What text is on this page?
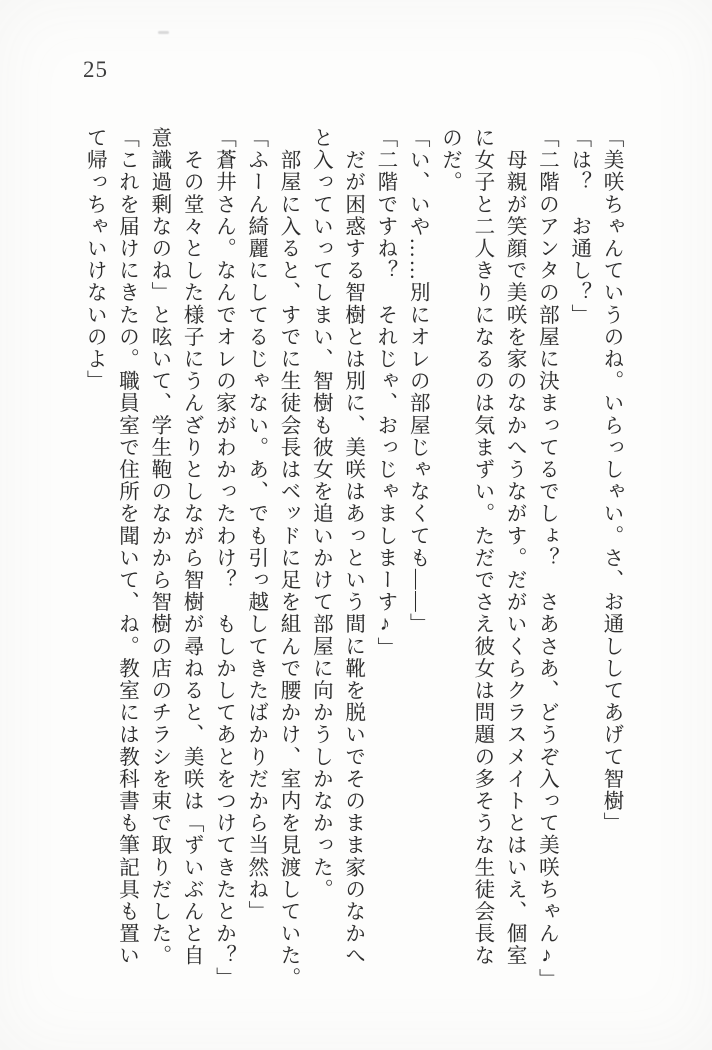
25
「美咲ちゃんていうのね。いらっしゃい。さ、お通ししてあげて智樹」
「は？　お通し？」
「二階のアンタの部屋に決まってるでしょ？　さあさあ、どうぞ入って美咲ちゃん♪」
　母親が笑顔で美咲を家のなかへうながす。だがいくらクラスメイトとはいえ、個室
に女子と二人きりになるのは気まずい。ただでさえ彼女は問題の多そうな生徒会長な
のだ。
「い、いや……別にオレの部屋じゃなくても――」
「二階ですね？　それじゃ、おっじゃましまーす♪」
　だが困惑する智樹とは別に、美咲はあっという間に靴を脱いでそのまま家のなかへ
と入っていってしまい、智樹も彼女を追いかけて部屋に向かうしかなかった。
　部屋に入ると、すでに生徒会長はベッドに足を組んで腰かけ、室内を見渡していた。
「ふーん綺麗にしてるじゃない。あ、でも引っ越してきたばかりだから当然ね」
「蒼井さん。なんでオレの家がわかったわけ？　もしかしてあとをつけてきたとか？」
　その堂々とした様子にうんざりとしながら智樹が尋ねると、美咲は「ずいぶんと自
意識過剰なのね」と呟いて、学生鞄のなかから智樹の店のチラシを束で取りだした。
「これを届けにきたの。職員室で住所を聞いて、ね。教室には教科書も筆記具も置い
て帰っちゃいけないのよ」
